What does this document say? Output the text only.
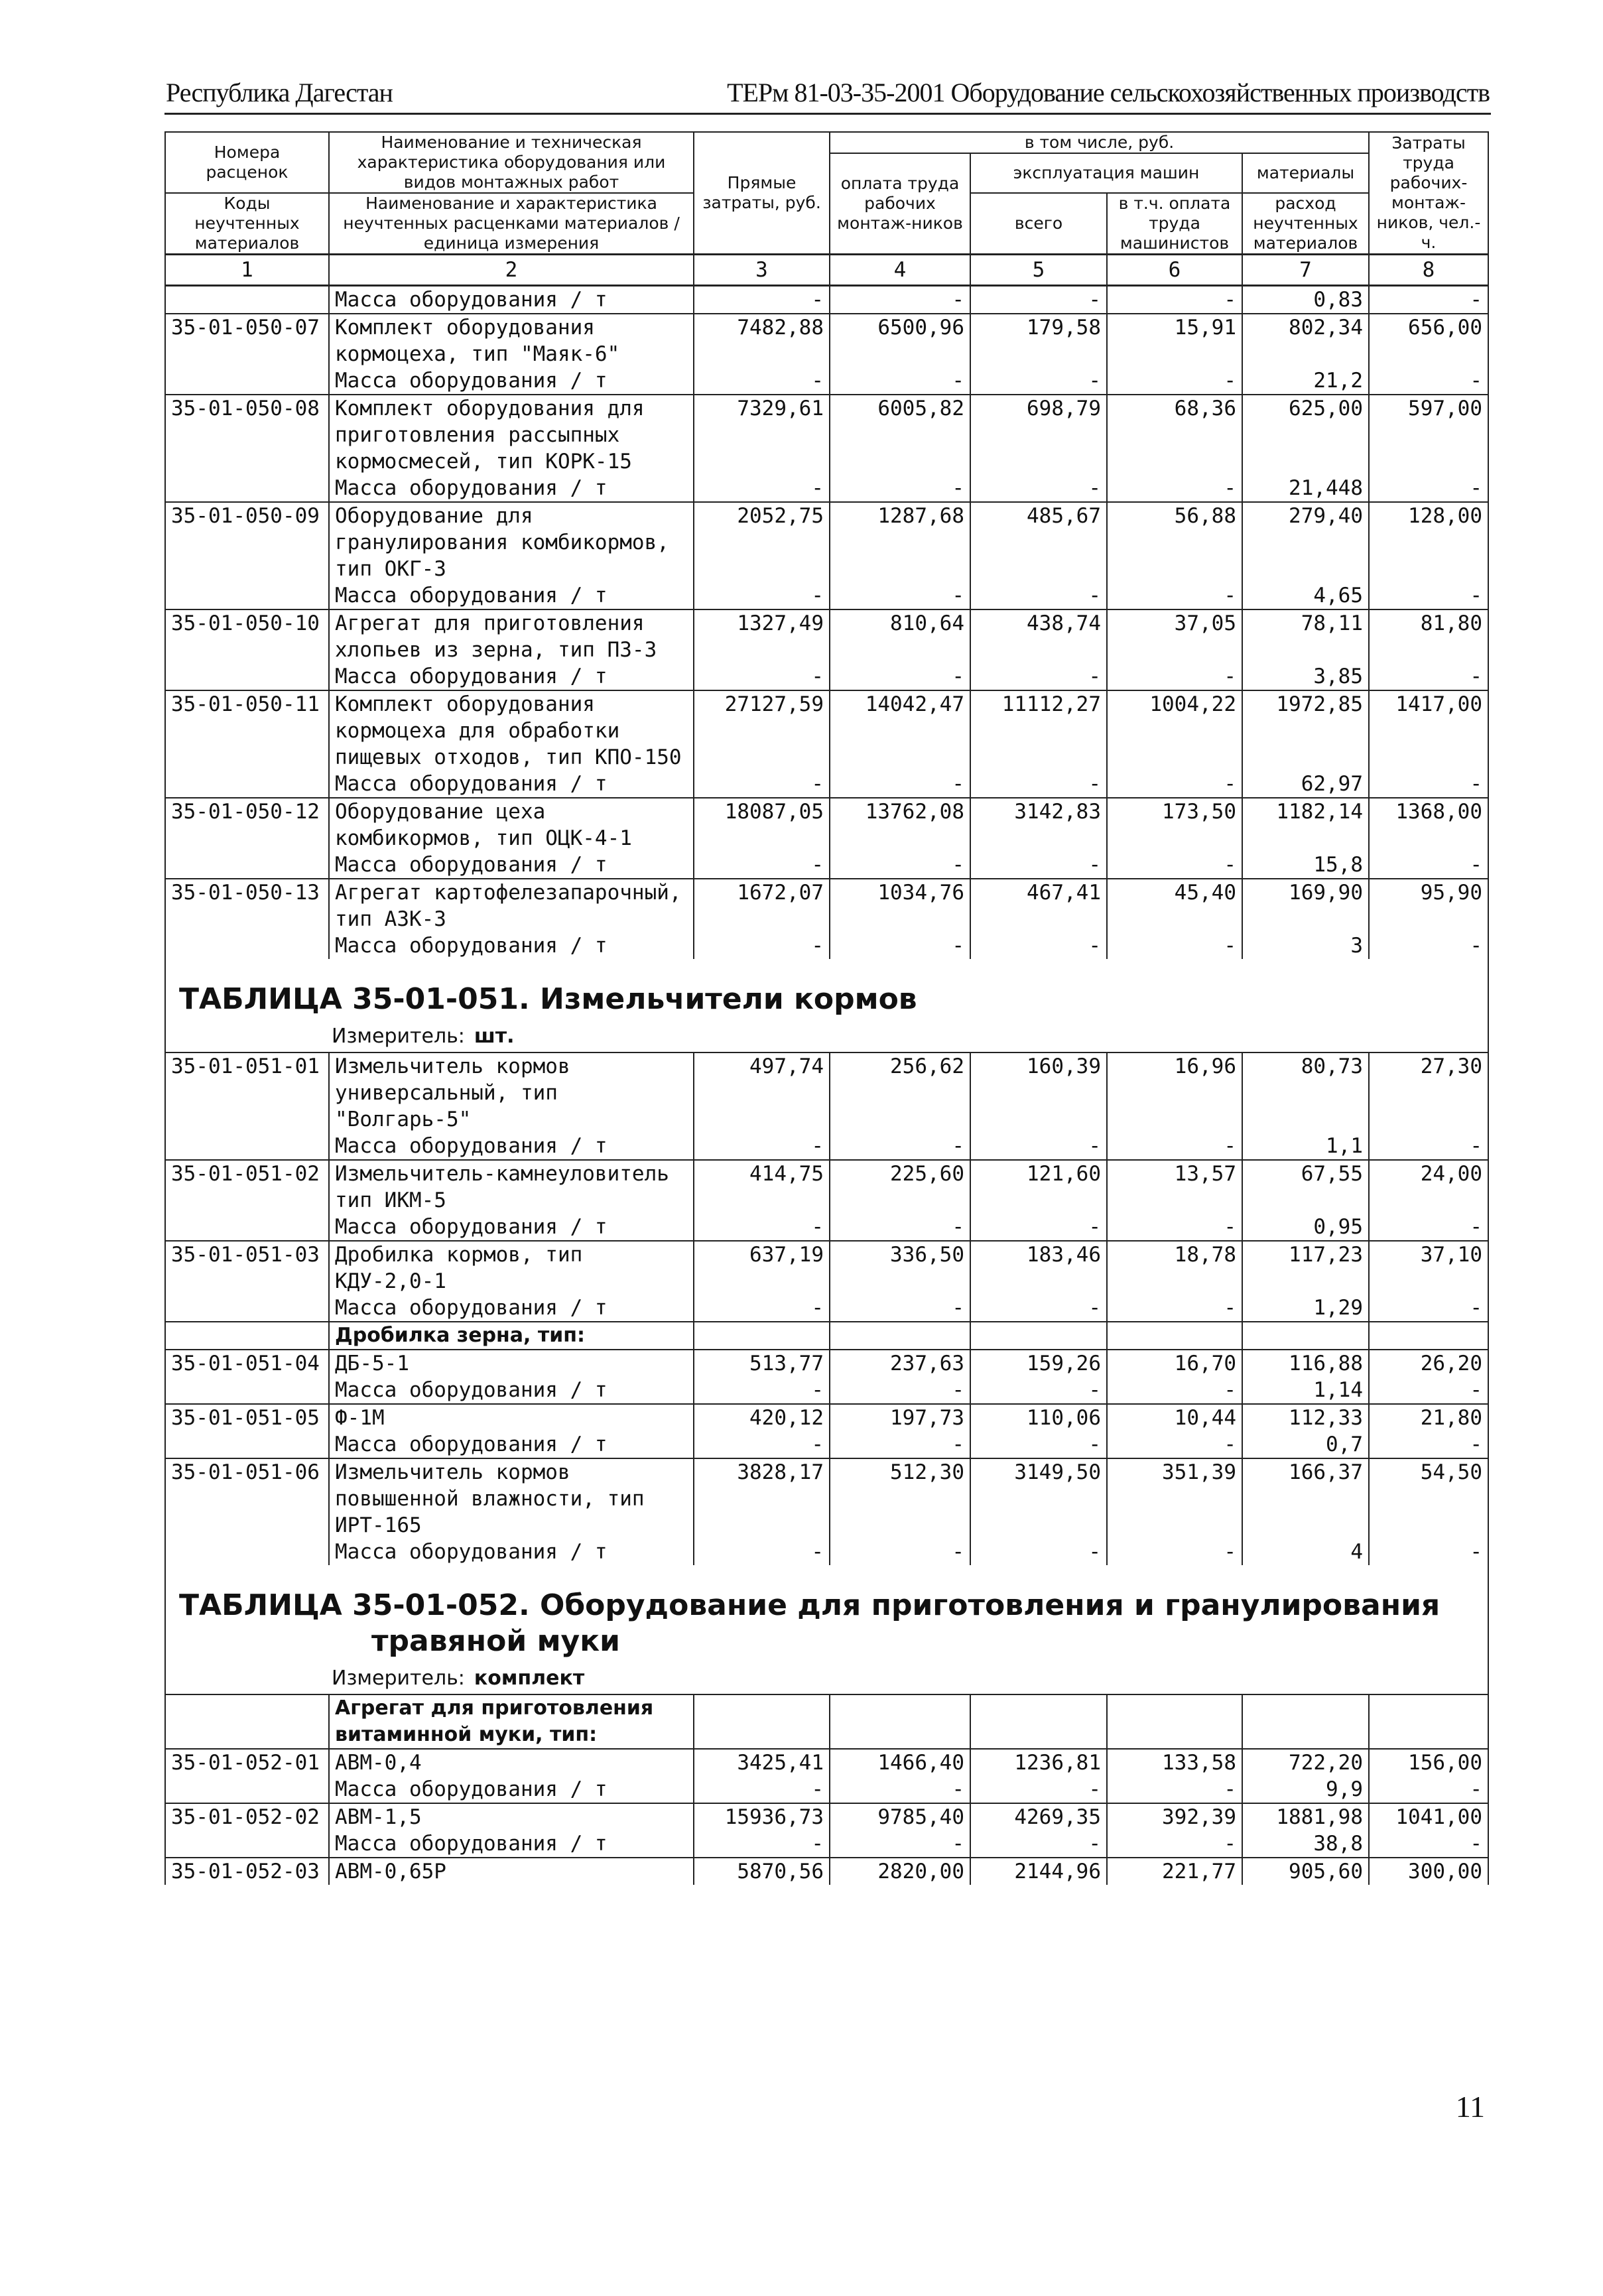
Республика Дагестан	ТЕРм 81-03-35-2001 Оборудование сельскохозяйственных производств
Номера расценок	Наименование и техническая характеристика оборудования или видов монтажных работ	Прямые затраты, руб.	в том числе, руб.				Затраты труда рабочих-монтаж-ников, чел.-ч.
			оплата труда рабочих монтаж-ников	эксплуатация машин		материалы	
Коды неучтенных материалов	Наименование и характеристика неучтенных расценками материалов / единица измерения			всего	в т.ч. оплата труда машинистов	расход неучтенных материалов	

1	2	3	4	5	6	7	8
	Масса оборудования / т	-	-	-	-	0,83	-
35-01-050-07	Комплект оборудования кормоцеха, тип "Маяк-6"	7482,88	6500,96	179,58	15,91	802,34	656,00
	Масса оборудования / т	-	-	-	-	21,2	-
35-01-050-08	Комплект оборудования для приготовления рассыпных кормосмесей, тип КОРК-15	7329,61	6005,82	698,79	68,36	625,00	597,00
	Масса оборудования / т	-	-	-	-	21,448	-
35-01-050-09	Оборудование для гранулирования комбикормов, тип ОКГ-3	2052,75	1287,68	485,67	56,88	279,40	128,00
	Масса оборудования / т	-	-	-	-	4,65	-
35-01-050-10	Агрегат для приготовления хлопьев из зерна, тип ПЗ-3	1327,49	810,64	438,74	37,05	78,11	81,80
	Масса оборудования / т	-	-	-	-	3,85	-
35-01-050-11	Комплект оборудования кормоцеха для обработки пищевых отходов, тип КПО-150	27127,59	14042,47	11112,27	1004,22	1972,85	1417,00
	Масса оборудования / т	-	-	-	-	62,97	-
35-01-050-12	Оборудование цеха комбикормов, тип ОЦК-4-1	18087,05	13762,08	3142,83	173,50	1182,14	1368,00
	Масса оборудования / т	-	-	-	-	15,8	-
35-01-050-13	Агрегат картофелезапарочный, тип АЗК-3	1672,07	1034,76	467,41	45,40	169,90	95,90
	Масса оборудования / т	-	-	-	-	3	-

ТАБЛИЦА 35-01-051. Измельчители кормов							

Измеритель: шт.							
35-01-051-01	Измельчитель кормов универсальный, тип "Волгарь-5"	497,74	256,62	160,39	16,96	80,73	27,30
	Масса оборудования / т	-	-	-	-	1,1	-
35-01-051-02	Измельчитель-камнеуловитель тип ИКМ-5	414,75	225,60	121,60	13,57	67,55	24,00
	Масса оборудования / т	-	-	-	-	0,95	-
35-01-051-03	Дробилка кормов, тип КДУ-2,0-1	637,19	336,50	183,46	18,78	117,23	37,10
	Масса оборудования / т	-	-	-	-	1,29	-
	Дробилка зерна, тип:						
35-01-051-04	ДБ-5-1	513,77	237,63	159,26	16,70	116,88	26,20
	Масса оборудования / т	-	-	-	-	1,14	-
35-01-051-05	Ф-1М	420,12	197,73	110,06	10,44	112,33	21,80
	Масса оборудования / т	-	-	-	-	0,7	-
35-01-051-06	Измельчитель кормов повышенной влажности, тип ИРТ-165	3828,17	512,30	3149,50	351,39	166,37	54,50
	Масса оборудования / т	-	-	-	-	4	-

ТАБЛИЦА 35-01-052. Оборудование для приготовления и гранулирования
травяной муки							
Измеритель: комплект							
	Агрегат для приготовления витаминной муки, тип:						
35-01-052-01	АВМ-0,4	3425,41	1466,40	1236,81	133,58	722,20	156,00
	Масса оборудования / т	-	-	-	-	9,9	-
35-01-052-02	АВМ-1,5	15936,73	9785,40	4269,35	392,39	1881,98	1041,00
	Масса оборудования / т	-	-	-	-	38,8	-
35-01-052-03	АВМ-0,65Р	5870,56	2820,00	2144,96	221,77	905,60	300,00
11
